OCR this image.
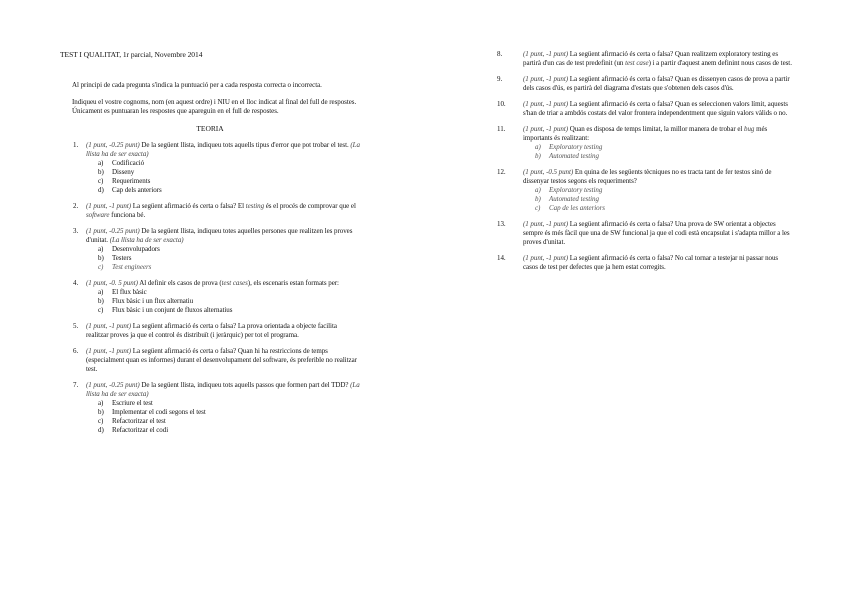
TEST I QUALITAT, 1r parcial, Novembre 2014

Al principi de cada pregunta s'indica la puntuació per a cada resposta correcta o incorrecta.

Indiqueu el vostre cognoms, nom (en aquest ordre) i NIU en el lloc indicat al final del full de respostes. Únicament es puntuaran les respostes que apareguin en el full de respostes.

TEORIA
1. (1 punt, -0.25 punt) De la següent llista, indiqueu tots aquells tipus d'error que pot trobar el test. (La llista ha de ser exacta)
a) Codificació
b) Disseny
c) Requeriments
d) Cap dels anteriors
2. (1 punt, -1 punt) La següent afirmació és certa o falsa? El testing és el procés de comprovar que el software funciona bé.
3. (1 punt, -0.25 punt) De la següent llista, indiqueu totes aquelles persones que realitzen les proves d'unitat. (La llista ha de ser exacta)
a) Desenvolupadors
b) Testers
c) Test engineers
4. (1 punt, -0. 5 punt) Al definir els casos de prova (test cases), els escenaris estan formats per:
a) El flux bàsic
b) Flux bàsic i un flux alternatiu
c) Flux bàsic i un conjunt de fluxos alternatius
5. (1 punt, -1 punt) La següent afirmació és certa o falsa? La prova orientada a objecte facilita realitzar proves ja que el control és distribuït (i jeràrquic) per tot el programa.
6. (1 punt, -1 punt) La següent afirmació és certa o falsa? Quan hi ha restriccions de temps (especialment quan es informes) durant el desenvolupament del software, és preferible no realitzar test.
7. (1 punt, -0.25 punt) De la següent llista, indiqueu tots aquells passos que formen part del TDD? (La llista ha de ser exacta)
a) Escriure el test
b) Implementar el codi segons el test
c) Refactoritzar el test
d) Refactoritzar el codi
8.	(1 punt, -1 punt) La següent afirmació és certa o falsa? Quan realitzem exploratory testing es partirà d'un cas de test predefinit (un test case) i a partir d'aquest anem definint nous casos de test.
9.	(1 punt, -1 punt) La següent afirmació és certa o falsa? Quan es dissenyen casos de prova a partir dels casos d'ús, es partirà del diagrama d'estats que s'obtenen dels casos d'ús.
10. (1 punt, -1 punt) La següent afirmació és certa o falsa? Quan es seleccionen valors límit, aquests s'han de triar a ambdós costats del valor frontera independentment que siguin valors vàlids o no.
11.	(1 punt, -1 punt) Quan es disposa de temps limitat, la millor manera de trobar el bug més importants és realitzant:
a) Exploratory testing
b) Automated testing
12. (1 punt, -0.5 punt) En quina de les següents tècniques no es tracta tant de fer testos sinó de dissenyar testos segons els requeriments?
a) Exploratory testing
b) Automated testing
c) Cap de les anteriors
13. (1 punt, -1 punt) La següent afirmació és certa o falsa? Una prova de SW orientat a objectes sempre és més fàcil que una de SW funcional ja que el codi està encapsulat i s'adapta millor a les proves d'unitat.
14. (1 punt, -1 punt) La següent afirmació és certa o falsa? No cal tornar a testejar ni passar nous casos de test per defectes que ja hem estat corregits.
